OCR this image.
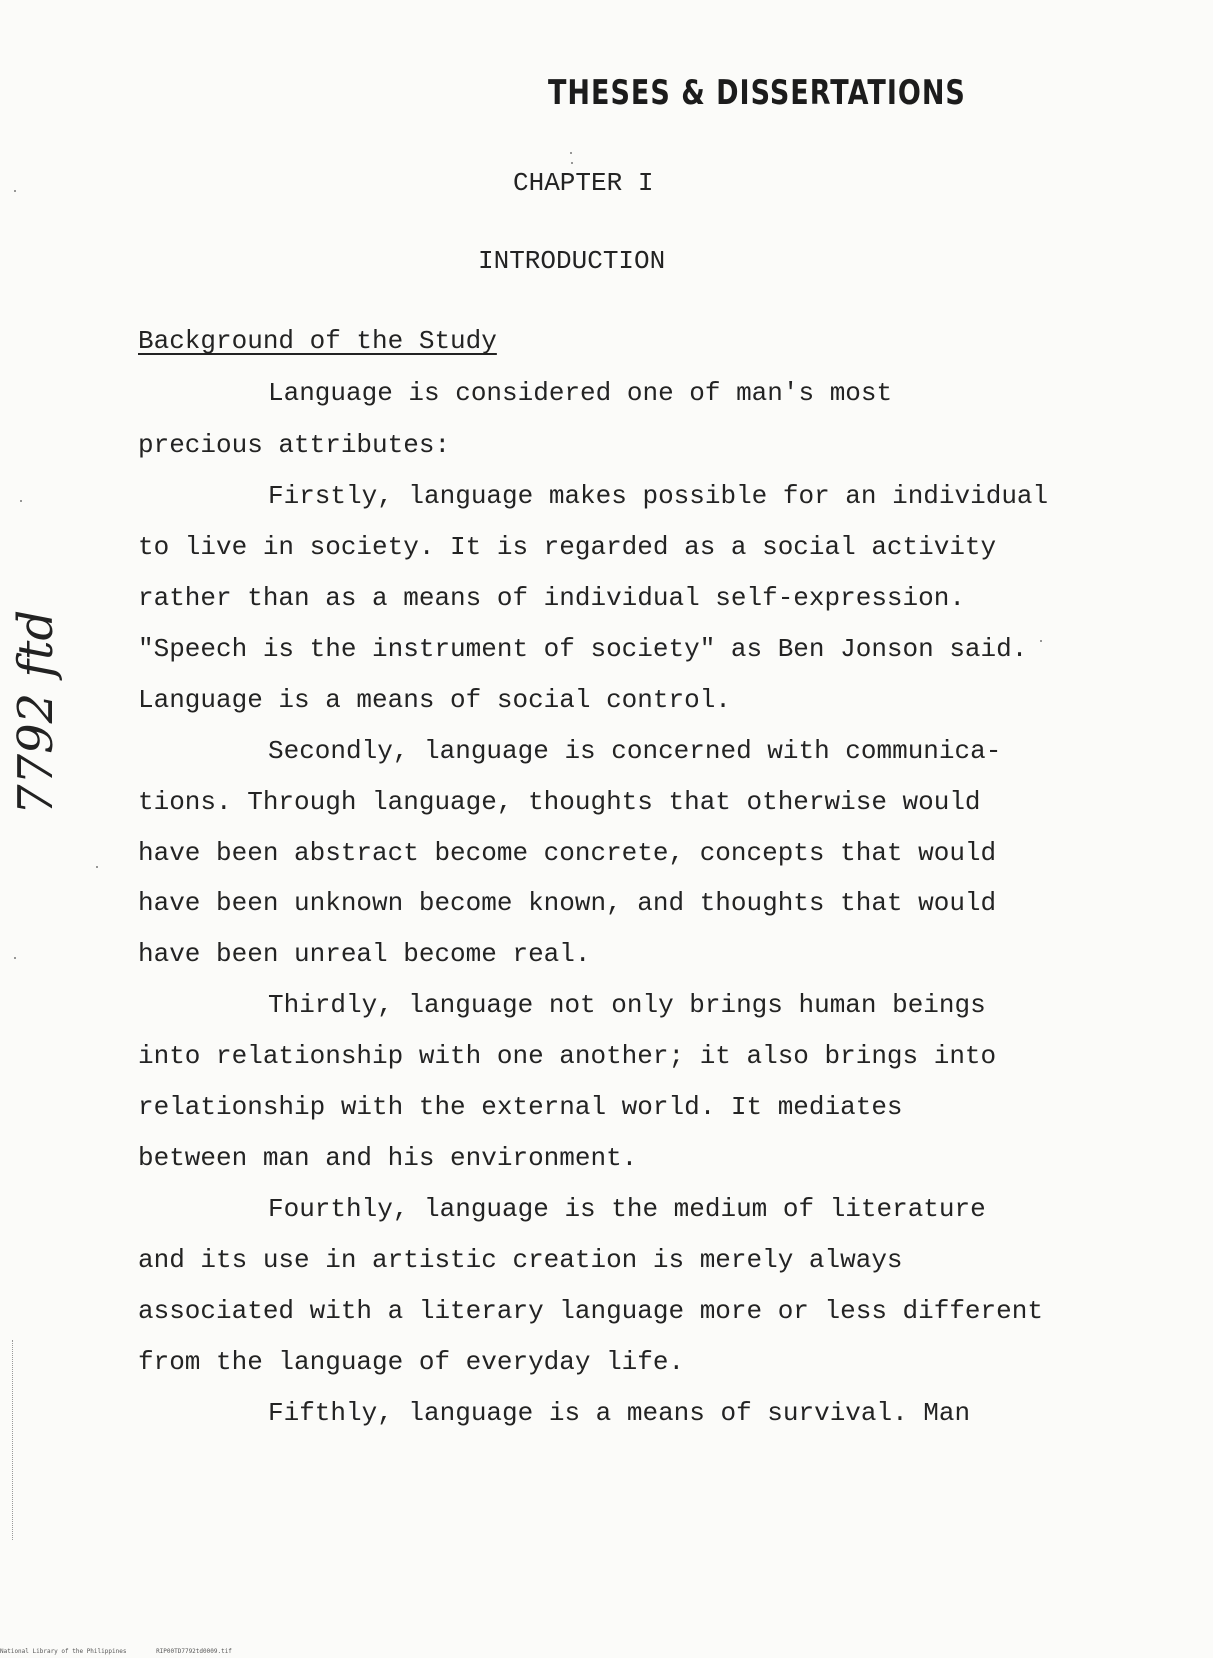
THESES & DISSERTATIONS
CHAPTER I
INTRODUCTION
Background of the Study
Language is considered one of man's most
precious attributes:
Firstly, language makes possible for an individual
to live in society. It is regarded as a social activity
rather than as a means of individual self-expression.
"Speech is the instrument of society" as Ben Jonson said.
Language is a means of social control.
Secondly, language is concerned with communica-
tions. Through language, thoughts that otherwise would
have been abstract become concrete, concepts that would
have been unknown become known, and thoughts that would
have been unreal become real.
Thirdly, language not only brings human beings
into relationship with one another; it also brings into
relationship with the external world. It mediates
between man and his environment.
Fourthly, language is the medium of literature
and its use in artistic creation is merely always
associated with a literary language more or less different
from the language of everyday life.
Fifthly, language is a means of survival. Man
7792 ftd
National Library of the Philippines	RIP00TD7792td0009.tif
